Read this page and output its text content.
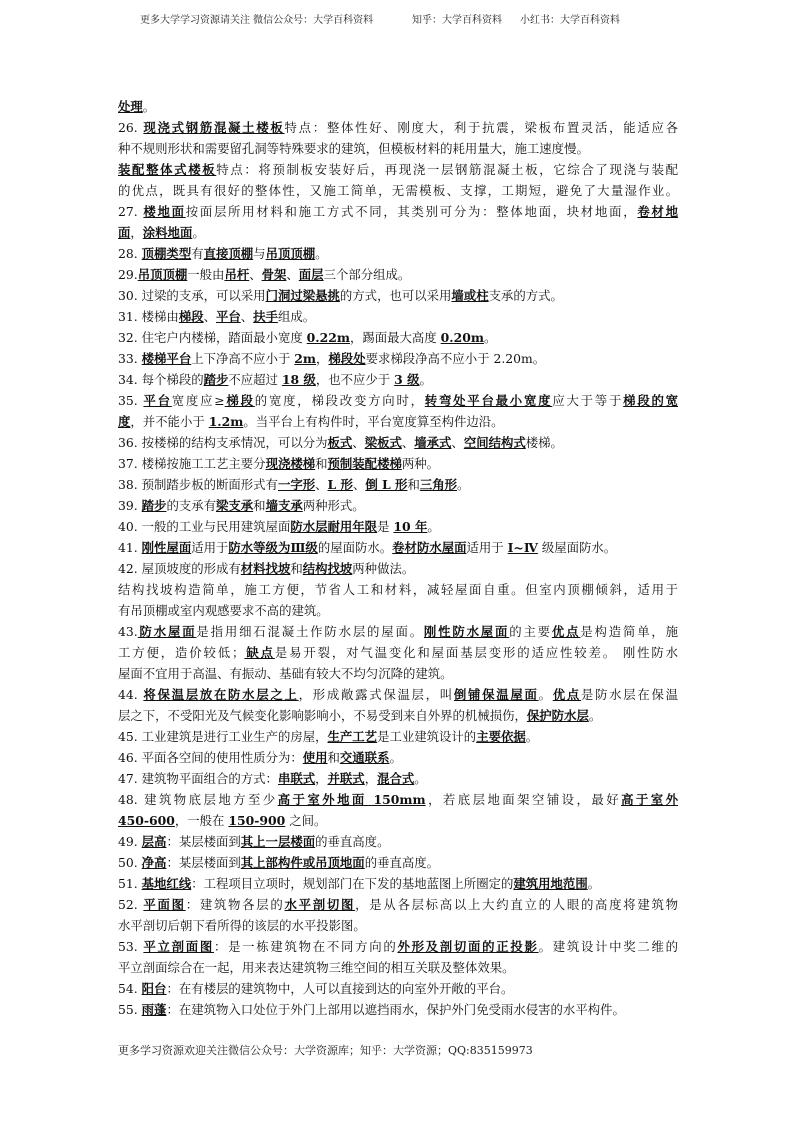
更多大学学习资源请关注 微信公众号：大学百科资料	知乎：大学百科资料 小红书：大学百科资料
处理。
26. 现浇式钢筋混凝土楼板特点：整体性好、刚度大，利于抗震，梁板布置灵活，能适应各
种不规则形状和需要留孔洞等特殊要求的建筑，但模板材料的耗用量大，施工速度慢。
装配整体式楼板特点：将预制板安装好后，再现浇一层钢筋混凝土板，它综合了现浇与装配
的优点，既具有很好的整体性，又施工简单，无需模板、支撑，工期短，避免了大量湿作业。
27. 楼地面按面层所用材料和施工方式不同，其类别可分为：整体地面，块材地面，卷材地
面，涂料地面。
28. 顶棚类型有直接顶棚与吊顶顶棚。
29.吊顶顶棚一般由吊杆、骨架、面层三个部分组成。
30. 过梁的支承，可以采用门洞过梁悬挑的方式，也可以采用墙或柱支承的方式。
31. 楼梯由梯段、平台、扶手组成。
32. 住宅户内楼梯，踏面最小宽度 0.22m，踢面最大高度 0.20m。
33. 楼梯平台上下净高不应小于 2m，梯段处要求梯段净高不应小于 2.20m。
34. 每个梯段的踏步不应超过 18 级，也不应少于 3 级。
35. 平台宽度应≥梯段的宽度，梯段改变方向时，转弯处平台最小宽度应大于等于梯段的宽
度，并不能小于 1.2m。当平台上有构件时，平台宽度算至构件边沿。
36. 按楼梯的结构支承情况，可以分为板式、梁板式、墙承式、空间结构式楼梯。
37. 楼梯按施工工艺主要分现浇楼梯和预制装配楼梯两种。
38. 预制踏步板的断面形式有一字形、L 形、倒 L 形和三角形。
39. 踏步的支承有梁支承和墙支承两种形式。
40. 一般的工业与民用建筑屋面防水层耐用年限是 10 年。
41. 刚性屋面适用于防水等级为Ⅲ级的屋面防水。卷材防水屋面适用于 Ⅰ~Ⅳ 级屋面防水。
42. 屋顶坡度的形成有材料找坡和结构找坡两种做法。
结构找坡构造简单，施工方便，节省人工和材料，减轻屋面自重。但室内顶棚倾斜，适用于
有吊顶棚或室内观感要求不高的建筑。
43.防水屋面是指用细石混凝土作防水层的屋面。刚性防水屋面的主要优点是构造简单，施
工方便，造价较低；缺点是易开裂，对气温变化和屋面基层变形的适应性较差。 刚性防水
屋面不宜用于高温、有振动、基础有较大不均匀沉降的建筑。
44. 将保温层放在防水层之上，形成敞露式保温层，叫倒铺保温屋面。优点是防水层在保温
层之下，不受阳光及气候变化影响影响小，不易受到来自外界的机械损伤，保护防水层。
45. 工业建筑是进行工业生产的房屋，生产工艺是工业建筑设计的主要依据。
46. 平面各空间的使用性质分为：使用和交通联系。
47. 建筑物平面组合的方式：串联式，并联式，混合式。
48. 建筑物底层地方至少高于室外地面 150mm，若底层地面架空铺设，最好高于室外
450-600，一般在 150-900 之间。
49. 层高：某层楼面到其上一层楼面的垂直高度。
50. 净高：某层楼面到其上部构件或吊顶地面的垂直高度。
51. 基地红线：工程项目立项时，规划部门在下发的基地蓝图上所圈定的建筑用地范围。
52. 平面图：建筑物各层的水平剖切图，是从各层标高以上大约直立的人眼的高度将建筑物
水平剖切后朝下看所得的该层的水平投影图。
53. 平立剖面图：是一栋建筑物在不同方向的外形及剖切面的正投影。建筑设计中奖二维的
平立剖面综合在一起，用来表达建筑物三维空间的相互关联及整体效果。
54. 阳台：在有楼层的建筑物中，人可以直接到达的向室外开敞的平台。
55. 雨蓬：在建筑物入口处位于外门上部用以遮挡雨水，保护外门免受雨水侵害的水平构件。
更多学习资源欢迎关注微信公众号：大学资源库；知乎：大学资源；QQ:835159973
